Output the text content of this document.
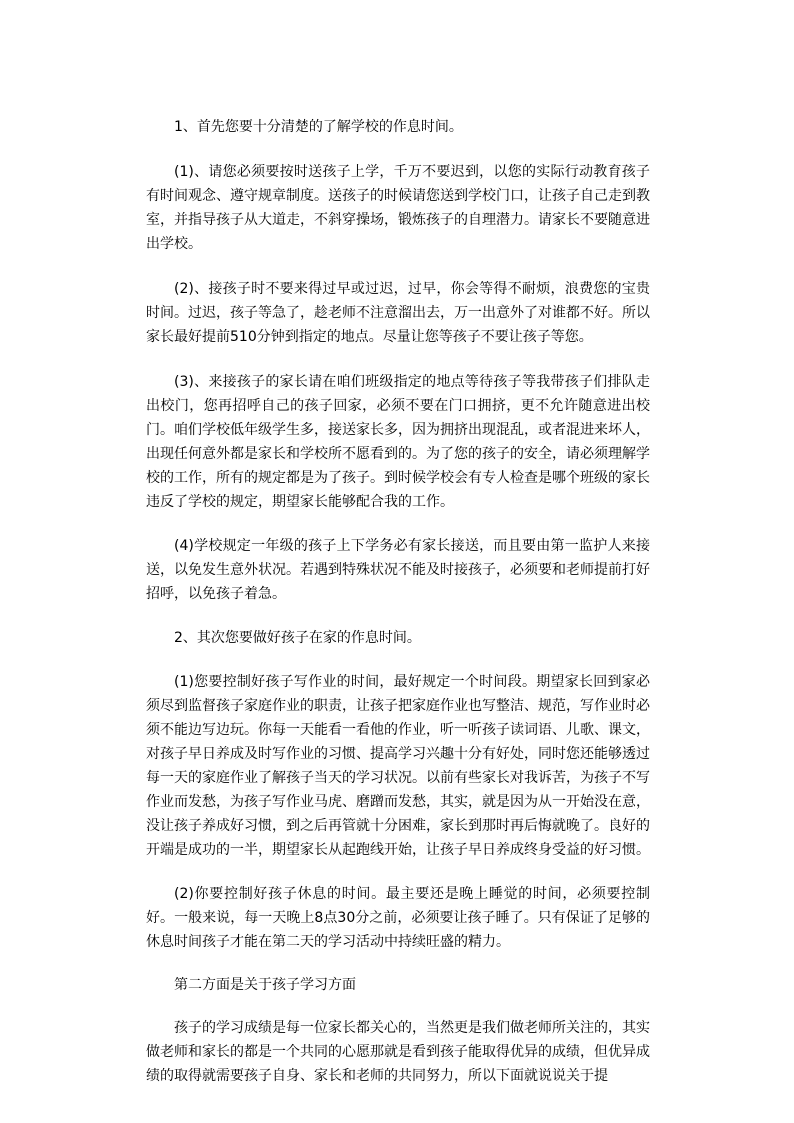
1、首先您要十分清楚的了解学校的作息时间。

(1)、请您必须要按时送孩子上学，千万不要迟到，以您的实际行动教育孩子有时间观念、遵守规章制度。送孩子的时候请您送到学校门口，让孩子自己走到教室，并指导孩子从大道走，不斜穿操场，锻炼孩子的自理潜力。请家长不要随意进出学校。

(2)、接孩子时不要来得过早或过迟，过早，你会等得不耐烦，浪费您的宝贵时间。过迟，孩子等急了，趁老师不注意溜出去，万一出意外了对谁都不好。所以家长最好提前510分钟到指定的地点。尽量让您等孩子不要让孩子等您。

(3)、来接孩子的家长请在咱们班级指定的地点等待孩子等我带孩子们排队走出校门，您再招呼自己的孩子回家，必须不要在门口拥挤，更不允许随意进出校门。咱们学校低年级学生多，接送家长多，因为拥挤出现混乱，或者混进来坏人，出现任何意外都是家长和学校所不愿看到的。为了您的孩子的安全，请必须理解学校的工作，所有的规定都是为了孩子。到时候学校会有专人检查是哪个班级的家长违反了学校的规定，期望家长能够配合我的工作。

(4)学校规定一年级的孩子上下学务必有家长接送，而且要由第一监护人来接送，以免发生意外状况。若遇到特殊状况不能及时接孩子，必须要和老师提前打好招呼，以免孩子着急。

2、其次您要做好孩子在家的作息时间。

(1)您要控制好孩子写作业的时间，最好规定一个时间段。期望家长回到家必须尽到监督孩子家庭作业的职责，让孩子把家庭作业也写整洁、规范，写作业时必须不能边写边玩。你每一天能看一看他的作业，听一听孩子读词语、儿歌、课文，对孩子早日养成及时写作业的习惯、提高学习兴趣十分有好处，同时您还能够透过每一天的家庭作业了解孩子当天的学习状况。以前有些家长对我诉苦，为孩子不写作业而发愁，为孩子写作业马虎、磨蹭而发愁，其实，就是因为从一开始没在意，没让孩子养成好习惯，到之后再管就十分困难，家长到那时再后悔就晚了。良好的开端是成功的一半，期望家长从起跑线开始，让孩子早日养成终身受益的好习惯。

(2)你要控制好孩子休息的时间。最主要还是晚上睡觉的时间，必须要控制好。一般来说，每一天晚上8点30分之前，必须要让孩子睡了。只有保证了足够的休息时间孩子才能在第二天的学习活动中持续旺盛的精力。

第二方面是关于孩子学习方面

孩子的学习成绩是每一位家长都关心的，当然更是我们做老师所关注的，其实做老师和家长的都是一个共同的心愿那就是看到孩子能取得优异的成绩，但优异成绩的取得就需要孩子自身、家长和老师的共同努力，所以下面就说说关于提
